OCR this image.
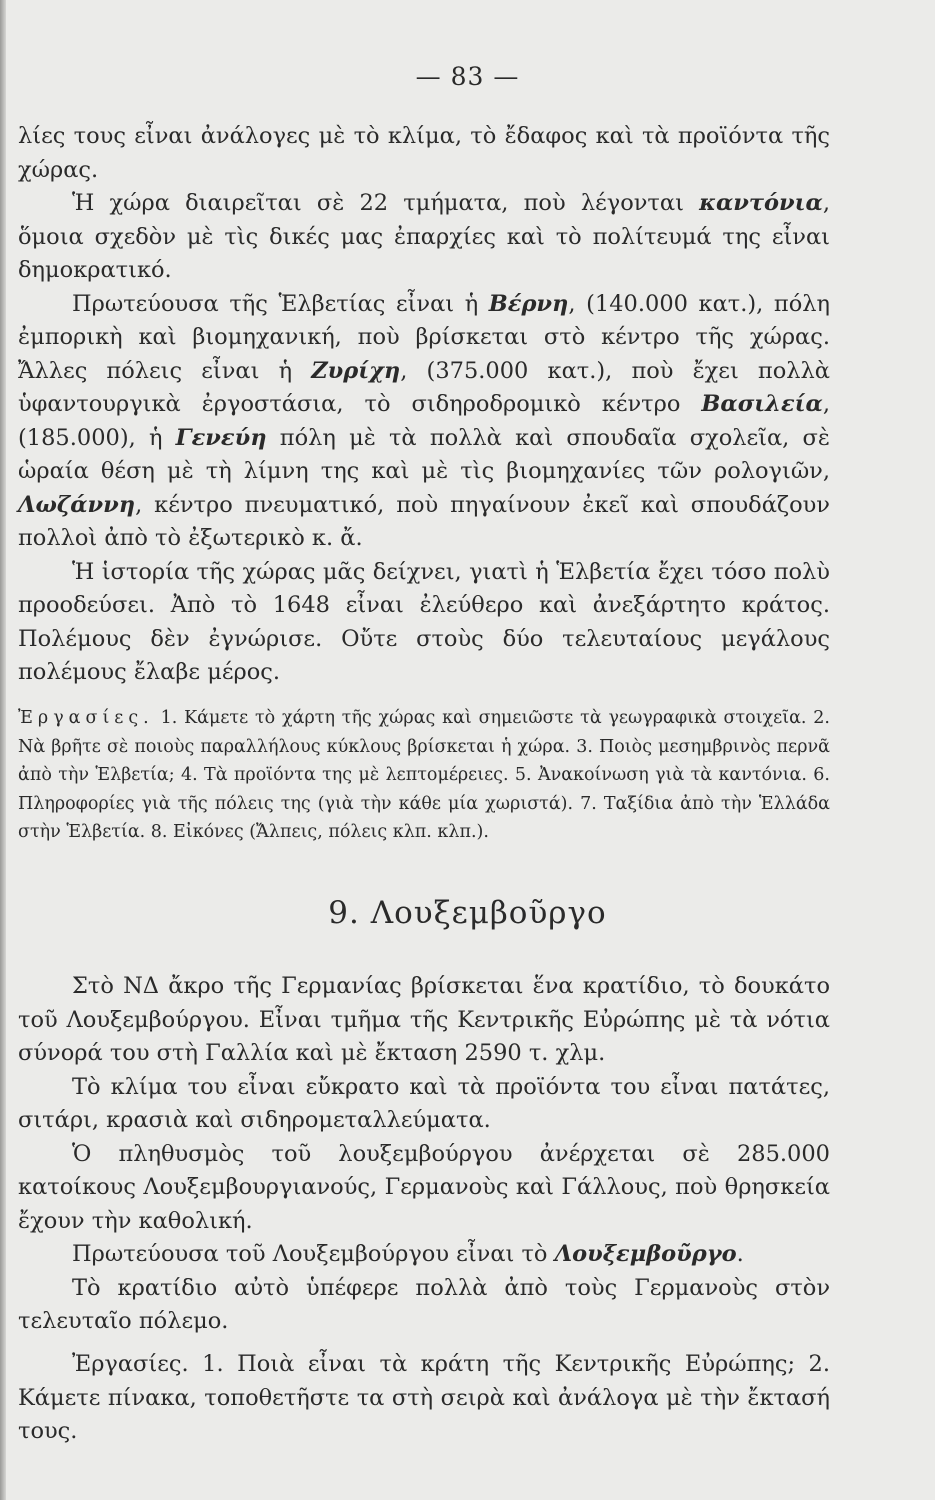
— 83 —

λίες τους εἶναι ἀνάλογες μὲ τὸ κλίμα, τὸ ἔδαφος καὶ τὰ προϊόντα τῆς χώρας.

Ἡ χώρα διαιρεῖται σὲ 22 τμήματα, ποὺ λέγονται καντόνια, ὅμοια σχεδὸν μὲ τὶς δικές μας ἐπαρχίες καὶ τὸ πολίτευμά της εἶναι δημοκρατικό.

Πρωτεύουσα τῆς Ἑλβετίας εἶναι ἡ Βέρνη, (140.000 κατ.), πόλη ἐμπορικὴ καὶ βιομηχανική, ποὺ βρίσκεται στὸ κέντρο τῆς χώρας. Ἄλλες πόλεις εἶναι ἡ Ζυρίχη, (375.000 κατ.), ποὺ ἔχει πολλὰ ὑφαντουργικὰ ἐργοστάσια, τὸ σιδηροδρομικὸ κέντρο Βασιλεία, (185.000), ἡ Γενεύη πόλη μὲ τὰ πολλὰ καὶ σπουδαῖα σχολεῖα, σὲ ὡραία θέση μὲ τὴ λίμνη της καὶ μὲ τὶς βιομηχανίες τῶν ρολογιῶν, Λωζάννη, κέντρο πνευματικό, ποὺ πηγαίνουν ἐκεῖ καὶ σπουδάζουν πολλοὶ ἀπὸ τὸ ἐξωτερικὸ κ. ἄ.

Ἡ ἱστορία τῆς χώρας μᾶς δείχνει, γιατὶ ἡ Ἑλβετία ἔχει τόσο πολὺ προοδεύσει. Ἀπὸ τὸ 1648 εἶναι ἐλεύθερο καὶ ἀνεξάρτητο κράτος. Πολέμους δὲν ἐγνώρισε. Οὔτε στοὺς δύο τελευταίους μεγάλους πολέμους ἔλαβε μέρος.

Ἐργασίες. 1. Κάμετε τὸ χάρτη τῆς χώρας καὶ σημειῶστε τὰ γεωγραφικὰ στοιχεῖα. 2. Νὰ βρῆτε σὲ ποιοὺς παραλλήλους κύκλους βρίσκεται ἡ χώρα. 3. Ποιὸς μεσημβρινὸς περνᾶ ἀπὸ τὴν Ἑλβετία; 4. Τὰ προϊόντα της μὲ λεπτομέρειες. 5. Ἀνακοίνωση γιὰ τὰ καντόνια. 6. Πληροφορίες γιὰ τῆς πόλεις της (γιὰ τὴν κάθε μία χωριστά). 7. Ταξίδια ἀπὸ τὴν Ἑλλάδα στὴν Ἑλβετία. 8. Εἰκόνες (Ἄλπεις, πόλεις κλπ. κλπ.).
9. Λουξεμβοῦργο

Στὸ ΝΔ ἄκρο τῆς Γερμανίας βρίσκεται ἕνα κρατίδιο, τὸ δουκάτο τοῦ Λουξεμβούργου. Εἶναι τμῆμα τῆς Κεντρικῆς Εὐρώπης μὲ τὰ νότια σύνορά του στὴ Γαλλία καὶ μὲ ἔκταση 2590 τ. χλμ.

Τὸ κλίμα του εἶναι εὔκρατο καὶ τὰ προϊόντα του εἶναι πατάτες, σιτάρι, κρασιὰ καὶ σιδηρομεταλλεύματα.

Ὁ πληθυσμὸς τοῦ λουξεμβούργου ἀνέρχεται σὲ 285.000 κατοίκους Λουξεμβουργιανούς, Γερμανοὺς καὶ Γάλλους, ποὺ θρησκεία ἔχουν τὴν καθολική.

Πρωτεύουσα τοῦ Λουξεμβούργου εἶναι τὸ Λουξεμβοῦργο.

Τὸ κρατίδιο αὐτὸ ὑπέφερε πολλὰ ἀπὸ τοὺς Γερμανοὺς στὸν τελευταῖο πόλεμο.

Ἐργασίες. 1. Ποιὰ εἶναι τὰ κράτη τῆς Κεντρικῆς Εὐρώπης; 2. Κάμετε πίνακα, τοποθετῆστε τα στὴ σειρὰ καὶ ἀνάλογα μὲ τὴν ἔκτασή τους.
